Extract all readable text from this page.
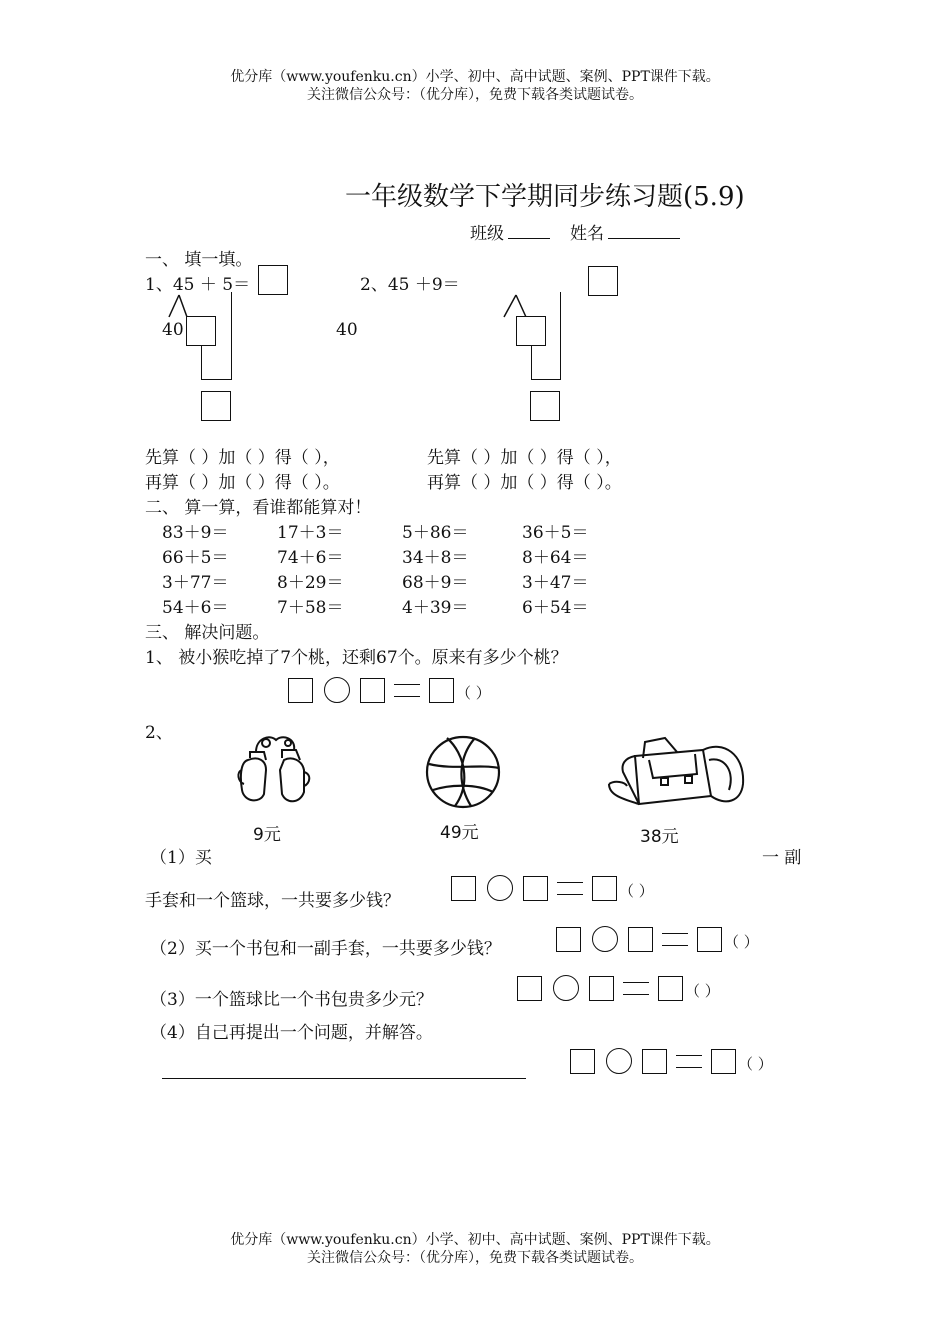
优分库（www.youfenku.cn）小学、初中、高中试题、案例、PPT课件下载。
关注微信公众号：（优分库），免费下载各类试题试卷。
一年级数学下学期同步练习题(5.9)
班级	姓名
一、 填一填。
1、45 ＋ 5＝
40
2、45 ＋9＝
40
先算（ ）加（ ）得（ ），
再算（ ）加（ ）得（ ）。
先算（ ）加（ ）得（ ），
再算（ ）加（ ）得（ ）。
二、 算一算，看谁都能算对！
83＋9＝	17＋3＝	5＋86＝	36＋5＝
66＋5＝	74＋6＝	34＋8＝	8＋64＝
3＋77＝	8＋29＝	68＋9＝	3＋47＝
54＋6＝	7＋58＝	4＋39＝	6＋54＝
三、 解决问题。
1、 被小猴吃掉了7个桃，还剩67个。原来有多少个桃？
（ ）
（ ）
（ ）
（ ）
（ ）
2、
9元	49元	38元
（1）买	一 副
手套和一个篮球，一共要多少钱？
（2）买一个书包和一副手套，一共要多少钱？
（3）一个篮球比一个书包贵多少元？
（4）自己再提出一个问题，并解答。
优分库（www.youfenku.cn）小学、初中、高中试题、案例、PPT课件下载。
关注微信公众号：（优分库），免费下载各类试题试卷。
